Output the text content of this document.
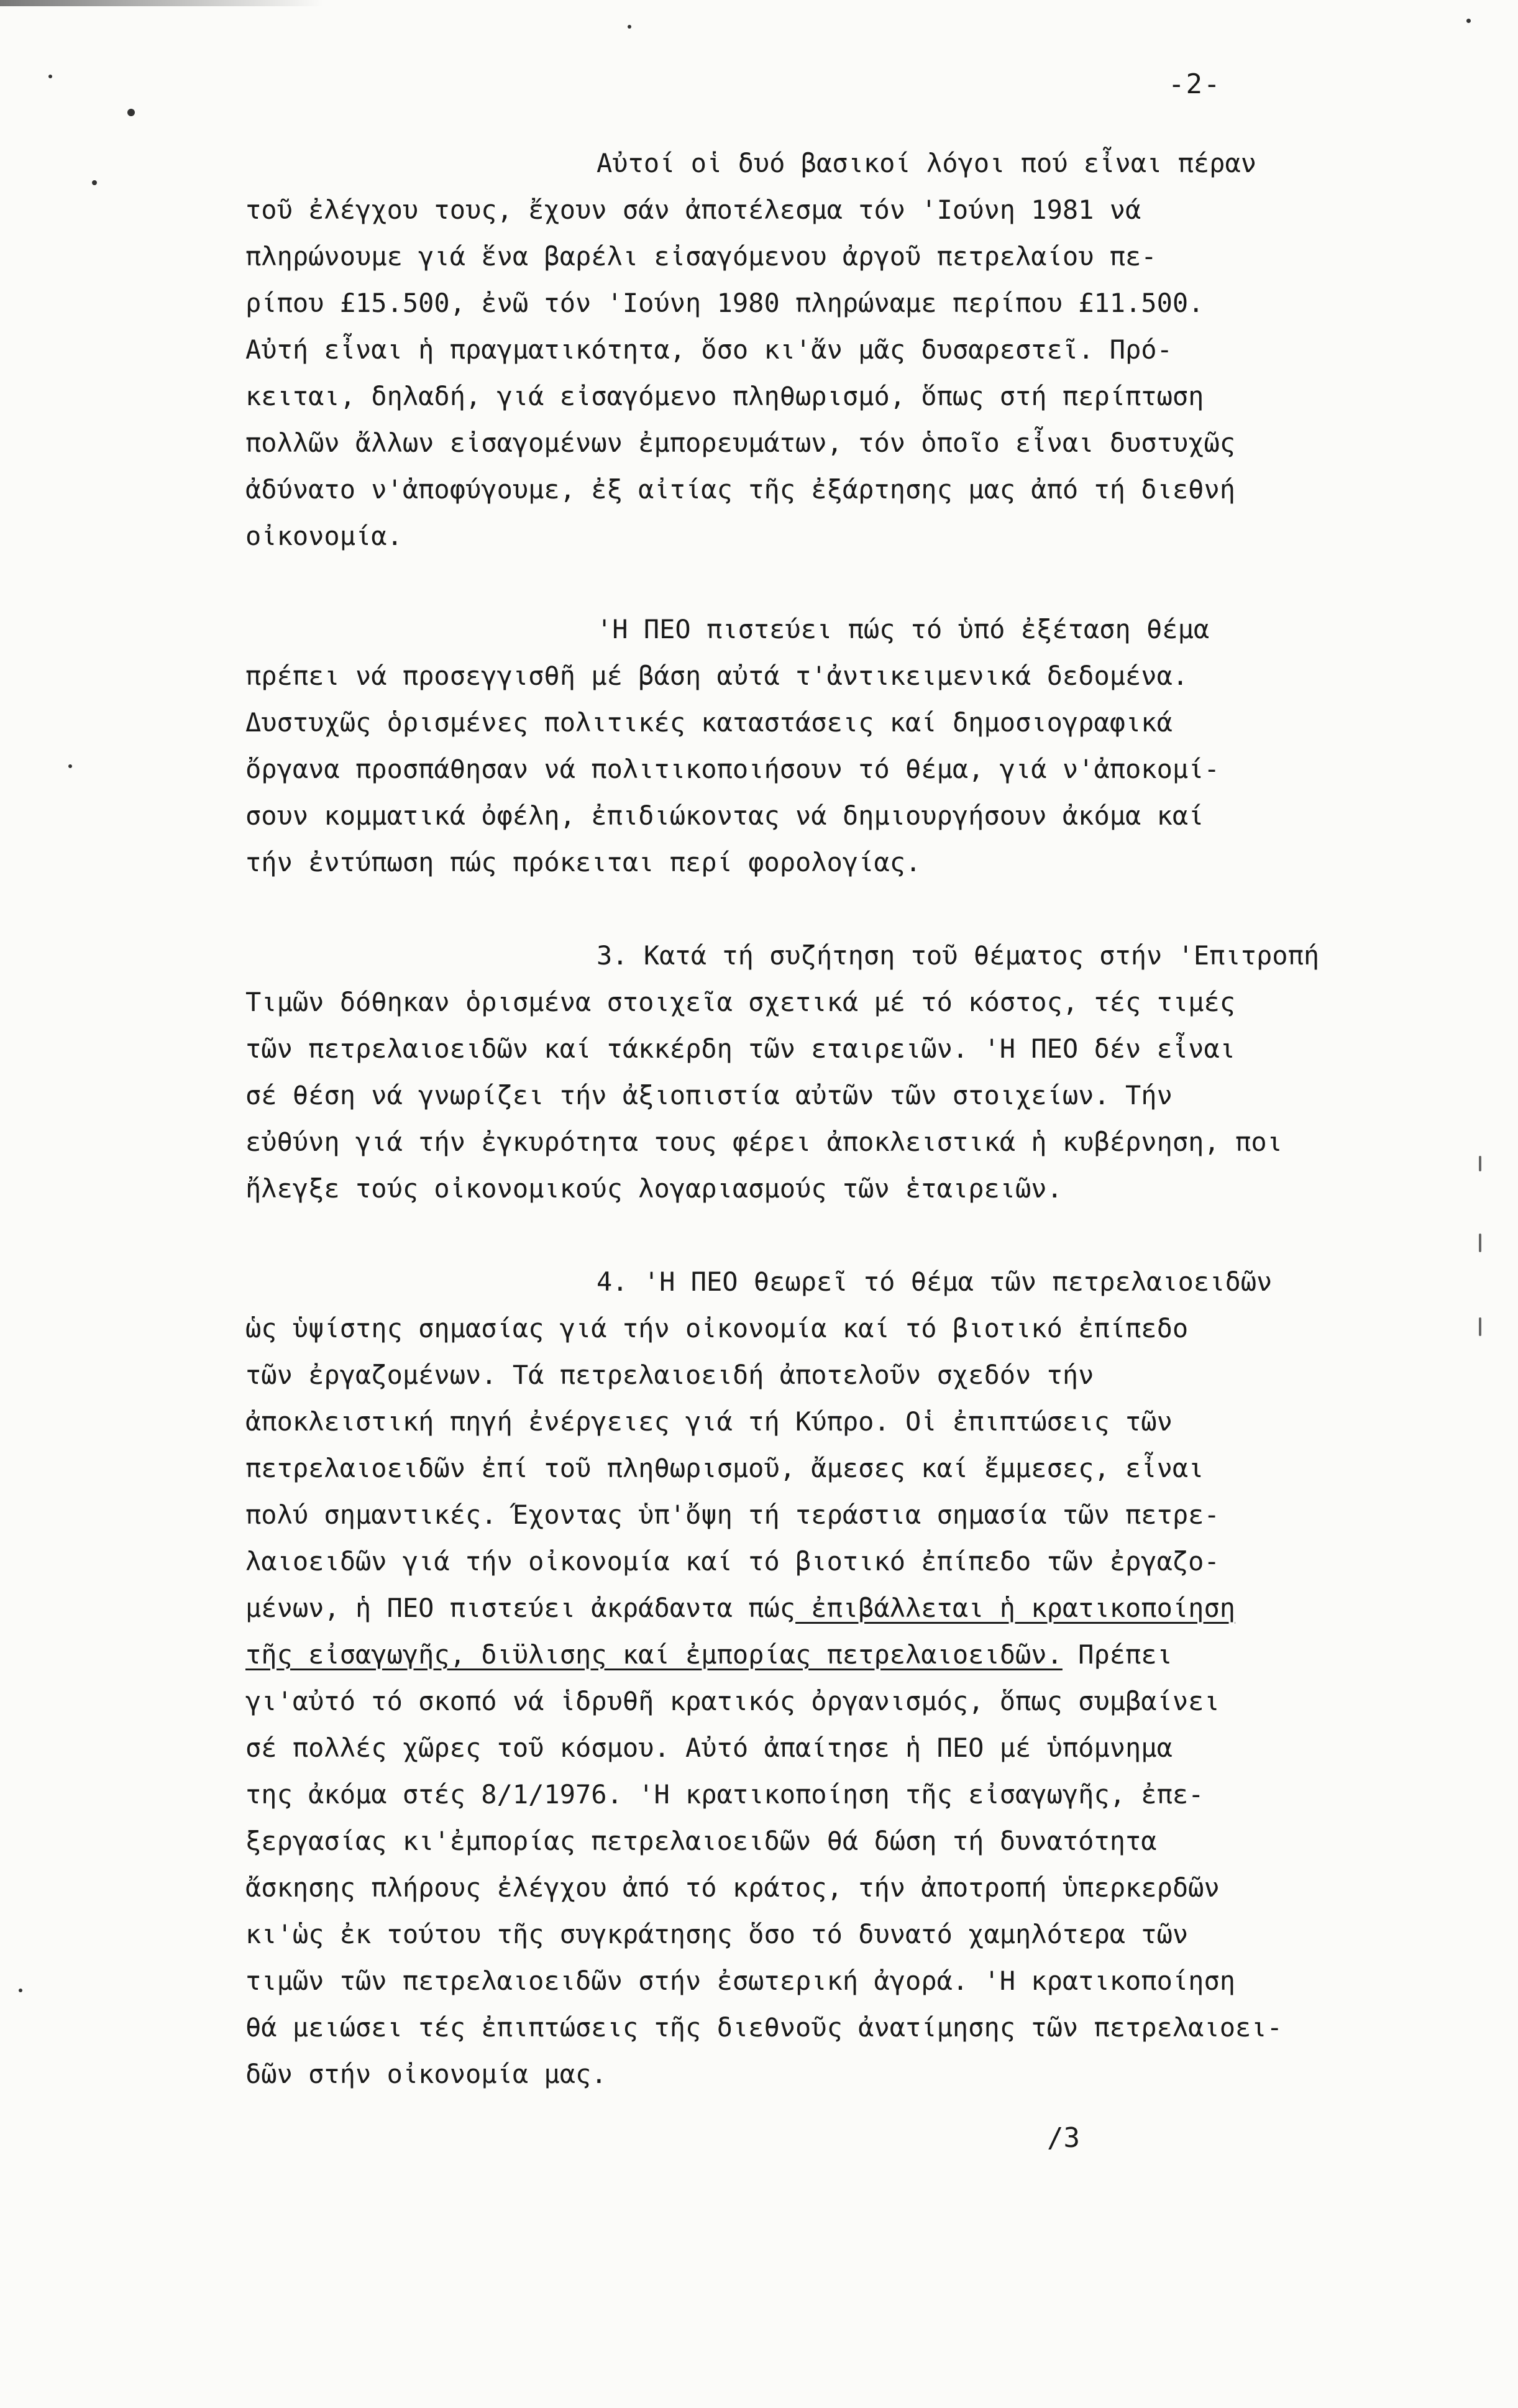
-2-
Αὐτοί οἱ δυό βασικοί λόγοι πού εἶναι πέραν
τοῦ ἐλέγχου τους, ἔχουν σάν ἀποτέλεσμα τόν 'Ιούνη 1981 νά
πληρώνουμε γιά ἕνα βαρέλι εἰσαγόμενου ἀργοῦ πετρελαίου πε-
ρίπου £15.500, ἐνῶ τόν 'Ιούνη 1980 πληρώναμε περίπου £11.500.
Αὐτή εἶναι ἡ πραγματικότητα, ὅσο κι'ἄν μᾶς δυσαρεστεῖ. Πρό-
κειται, δηλαδή, γιά εἰσαγόμενο πληθωρισμό, ὅπως στή περίπτωση
πολλῶν ἄλλων εἰσαγομένων ἐμπορευμάτων, τόν ὁποῖο εἶναι δυστυχῶς
ἀδύνατο ν'ἀποφύγουμε, ἐξ αἰτίας τῆς ἐξάρτησης μας ἀπό τή διεθνή
οἰκονομία.
'Η ΠΕΟ πιστεύει πώς τό ὑπό ἐξέταση θέμα
πρέπει νά προσεγγισθῆ μέ βάση αὐτά τ'ἀντικειμενικά δεδομένα.
Δυστυχῶς ὁρισμένες πολιτικές καταστάσεις καί δημοσιογραφικά
ὄργανα προσπάθησαν νά πολιτικοποιήσουν τό θέμα, γιά ν'ἀποκομί-
σουν κομματικά ὀφέλη, ἐπιδιώκοντας νά δημιουργήσουν ἀκόμα καί
τήν ἐντύπωση πώς πρόκειται περί φορολογίας.
3. Κατά τή συζήτηση τοῦ θέματος στήν 'Επιτροπή
Τιμῶν δόθηκαν ὁρισμένα στοιχεῖα σχετικά μέ τό κόστος, τές τιμές
τῶν πετρελαιοειδῶν καί τάκκέρδη τῶν εταιρειῶν. 'Η ΠΕΟ δέν εἶναι
σέ θέση νά γνωρίζει τήν ἀξιοπιστία αὐτῶν τῶν στοιχείων. Τήν
εὐθύνη γιά τήν ἐγκυρότητα τους φέρει ἀποκλειστικά ἡ κυβέρνηση, ποι
ἤλεγξε τούς οἰκονομικούς λογαριασμούς τῶν ἑταιρειῶν.
4. 'Η ΠΕΟ θεωρεῖ τό θέμα τῶν πετρελαιοειδῶν
ὡς ὑψίστης σημασίας γιά τήν οἰκονομία καί τό βιοτικό ἐπίπεδο
τῶν ἐργαζομένων. Τά πετρελαιοειδή ἀποτελοῦν σχεδόν τήν
ἀποκλειστική πηγή ἐνέργειες γιά τή Κύπρο. Οἱ ἐπιπτώσεις τῶν
πετρελαιοειδῶν ἐπί τοῦ πληθωρισμοῦ, ἄμεσες καί ἔμμεσες, εἶναι
πολύ σημαντικές. Έχοντας ὑπ'ὄψη τή τεράστια σημασία τῶν πετρε-
λαιοειδῶν γιά τήν οἰκονομία καί τό βιοτικό ἐπίπεδο τῶν ἐργαζο-
μένων, ἡ ΠΕΟ πιστεύει ἀκράδαντα πώς ἐπιβάλλεται ἡ κρατικοποίηση
τῆς εἰσαγωγῆς, διϋλισης καί ἐμπορίας πετρελαιοειδῶν. Πρέπει
γι'αὐτό τό σκοπό νά ἱδρυθῆ κρατικός ὀργανισμός, ὅπως συμβαίνει
σέ πολλές χῶρες τοῦ κόσμου. Αὐτό ἀπαίτησε ἡ ΠΕΟ μέ ὑπόμνημα
της ἀκόμα στές 8/1/1976. 'Η κρατικοποίηση τῆς εἰσαγωγῆς, ἐπε-
ξεργασίας κι'ἐμπορίας πετρελαιοειδῶν θά δώση τή δυνατότητα
ἄσκησης πλήρους ἐλέγχου ἀπό τό κράτος, τήν ἀποτροπή ὑπερκερδῶν
κι'ὡς ἐκ τούτου τῆς συγκράτησης ὅσο τό δυνατό χαμηλότερα τῶν
τιμῶν τῶν πετρελαιοειδῶν στήν ἐσωτερική ἀγορά. 'Η κρατικοποίηση
θά μειώσει τές ἐπιπτώσεις τῆς διεθνοῦς ἀνατίμησης τῶν πετρελαιοει-
δῶν στήν οἰκονομία μας.
/3
